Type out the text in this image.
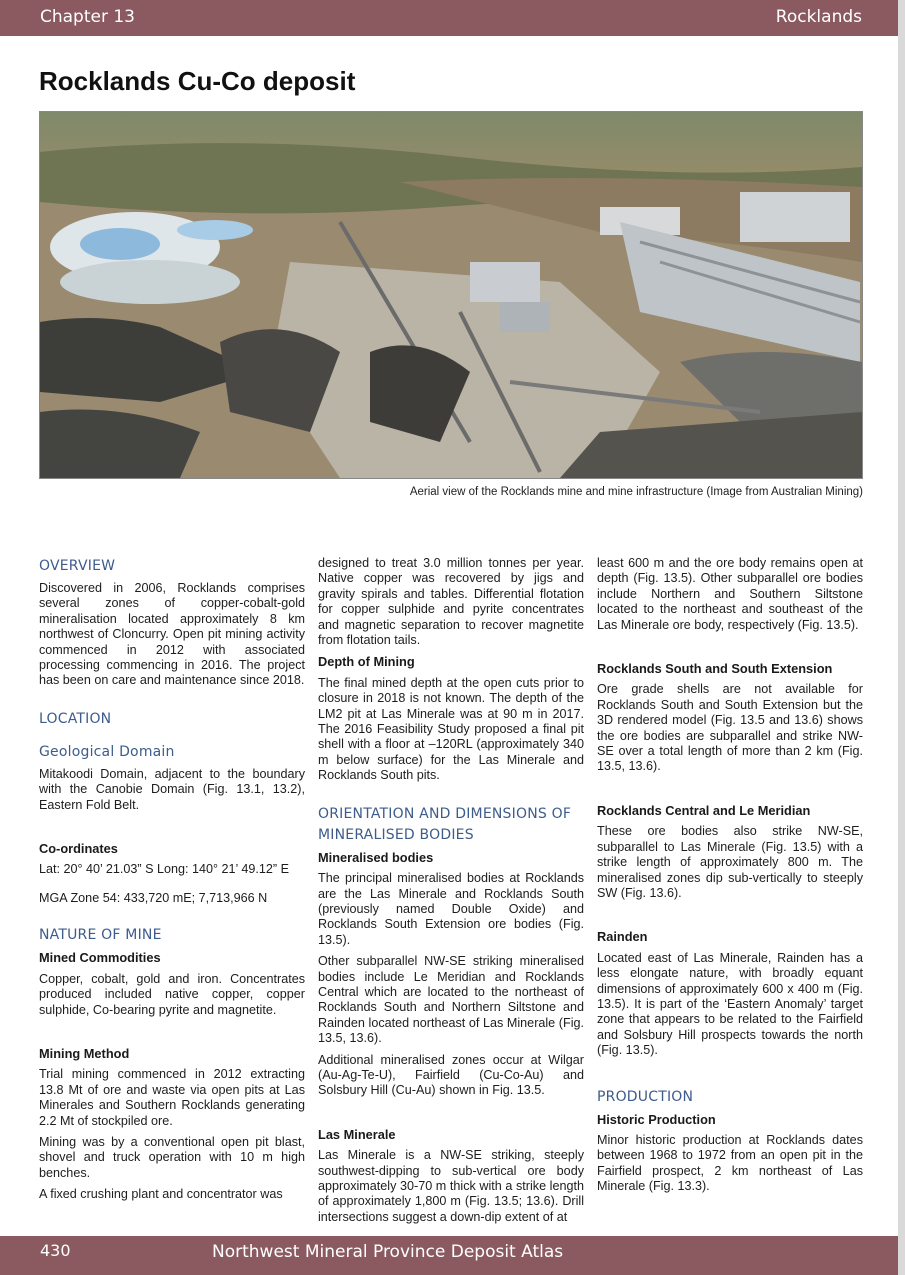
Chapter 13	Rocklands
Rocklands Cu-Co deposit
Aerial view of the Rocklands mine and mine infrastructure (Image from Australian Mining)
OVERVIEW

Discovered in 2006, Rocklands comprises several zones of copper-cobalt-gold mineralisation located approximately 8 km northwest of Cloncurry. Open pit mining activity commenced in 2012 with associated processing commencing in 2016. The project has been on care and maintenance since 2018.

LOCATION
Geological Domain

Mitakoodi Domain, adjacent to the boundary with the Canobie Domain (Fig. 13.1, 13.2), Eastern Fold Belt.

Co-ordinates
Lat: 20° 40’ 21.03” S Long: 140° 21’ 49.12” E
MGA Zone 54: 433,720 mE; 7,713,966 N
NATURE OF MINE
Mined Commodities

Copper, cobalt, gold and iron. Concentrates produced included native copper, copper sulphide, Co-bearing pyrite and magnetite.

Mining Method

Trial mining commenced in 2012 extracting 13.8 Mt of ore and waste via open pits at Las Minerales and Southern Rocklands generating 2.2 Mt of stockpiled ore.

Mining was by a conventional open pit blast, shovel and truck operation with 10 m high benches.

A fixed crushing plant and concentrator was

designed to treat 3.0 million tonnes per year. Native copper was recovered by jigs and gravity spirals and tables. Differential flotation for copper sulphide and pyrite concentrates and magnetic separation to recover magnetite from flotation tails.

Depth of Mining

The final mined depth at the open cuts prior to closure in 2018 is not known. The depth of the LM2 pit at Las Minerale was at 90 m in 2017. The 2016 Feasibility Study proposed a final pit shell with a floor at –120RL (approximately 340 m below surface) for the Las Minerale and Rocklands South pits.

ORIENTATION AND DIMENSIONS OF MINERALISED BODIES
Mineralised bodies

The principal mineralised bodies at Rocklands are the Las Minerale and Rocklands South (previously named Double Oxide) and Rocklands South Extension ore bodies (Fig. 13.5).

Other subparallel NW-SE striking mineralised bodies include Le Meridian and Rocklands Central which are located to the northeast of Rocklands South and Northern Siltstone and Rainden located northeast of Las Minerale (Fig. 13.5, 13.6).

Additional mineralised zones occur at Wilgar (Au-Ag-Te-U), Fairfield (Cu-Co-Au) and Solsbury Hill (Cu-Au) shown in Fig. 13.5.

Las Minerale

Las Minerale is a NW-SE striking, steeply southwest-dipping to sub-vertical ore body approximately 30-70 m thick with a strike length of approximately 1,800 m (Fig. 13.5; 13.6). Drill intersections suggest a down-dip extent of at

least 600 m and the ore body remains open at depth (Fig. 13.5). Other subparallel ore bodies include Northern and Southern Siltstone located to the northeast and southeast of the Las Minerale ore body, respectively (Fig. 13.5).

Rocklands South and South Extension

Ore grade shells are not available for Rocklands South and South Extension but the 3D rendered model (Fig. 13.5 and 13.6) shows the ore bodies are subparallel and strike NW-SE over a total length of more than 2 km (Fig. 13.5, 13.6).

Rocklands Central and Le Meridian

These ore bodies also strike NW-SE, subparallel to Las Minerale (Fig. 13.5) with a strike length of approximately 800 m. The mineralised zones dip sub-vertically to steeply SW (Fig. 13.6).

Rainden

Located east of Las Minerale, Rainden has a less elongate nature, with broadly equant dimensions of approximately 600 x 400 m (Fig. 13.5). It is part of the ‘Eastern Anomaly’ target zone that appears to be related to the Fairfield and Solsbury Hill prospects towards the north (Fig. 13.5).

PRODUCTION
Historic Production

Minor historic production at Rocklands dates between 1968 to 1972 from an open pit in the Fairfield prospect, 2 km northeast of Las Minerale (Fig. 13.3).

430	Northwest Mineral Province Deposit Atlas
